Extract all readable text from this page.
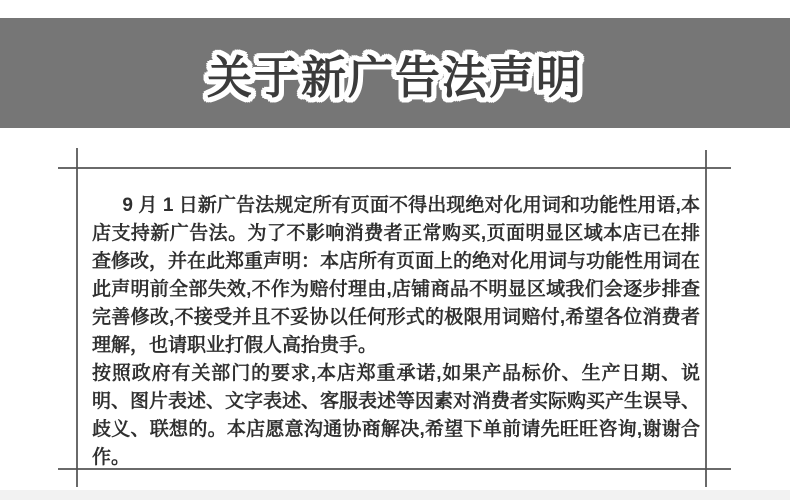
关于新广告法声明

9 月 1 日新广告法规定所有页面不得出现绝对化用词和功能性用语,本店支持新广告法。为了不影响消费者正常购买,页面明显区域本店已在排查修改，并在此郑重声明：本店所有页面上的绝对化用词与功能性用词在此声明前全部失效,不作为赔付理由,店铺商品不明显区域我们会逐步排查完善修改,不接受并且不妥协以任何形式的极限用词赔付,希望各位消费者理解，也请职业打假人高抬贵手。

按照政府有关部门的要求,本店郑重承诺,如果产品标价、生产日期、说明、图片表述、文字表述、客服表述等因素对消费者实际购买产生误导、歧义、联想的。本店愿意沟通协商解决,希望下单前请先旺旺咨询,谢谢合作。
